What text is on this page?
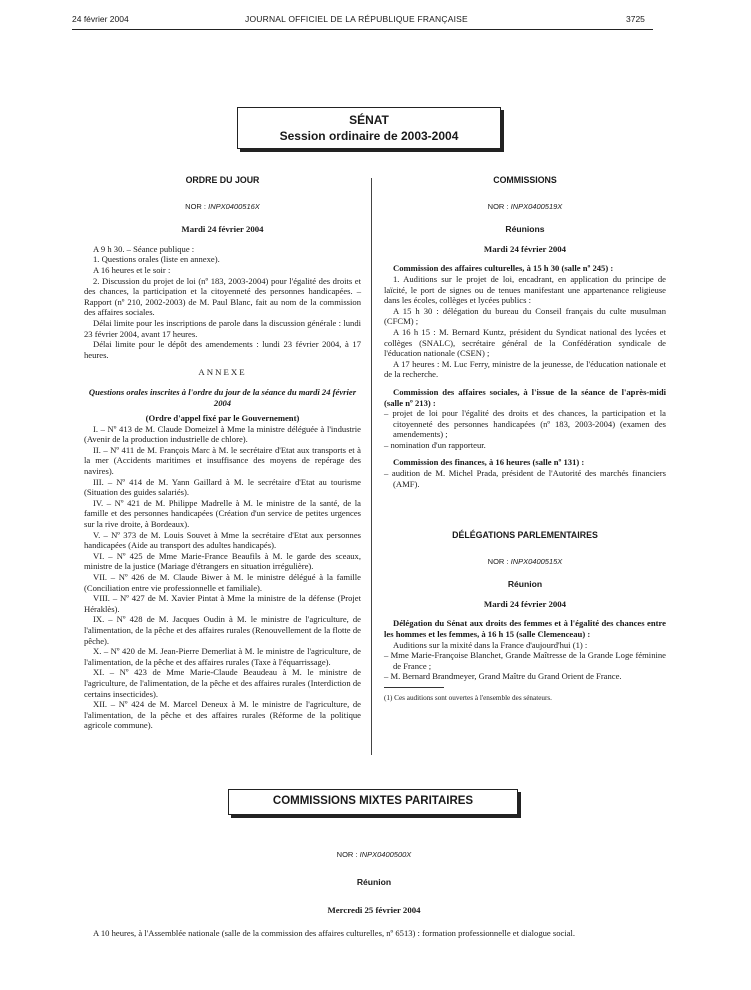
24 février 2004	JOURNAL OFFICIEL DE LA RÉPUBLIQUE FRANÇAISE	3725
SÉNAT
Session ordinaire de 2003-2004
ORDRE DU JOUR
NOR : INPX0400516X
Mardi 24 février 2004

A 9 h 30. – Séance publique :

1. Questions orales (liste en annexe).

A 16 heures et le soir :

2. Discussion du projet de loi (nº 183, 2003-2004) pour l'égalité des droits et des chances, la participation et la citoyenneté des personnes handicapées. – Rapport (nº 210, 2002-2003) de M. Paul Blanc, fait au nom de la commission des affaires sociales.

Délai limite pour les inscriptions de parole dans la discussion générale : lundi 23 février 2004, avant 17 heures.

Délai limite pour le dépôt des amendements : lundi 23 février 2004, à 17 heures.

ANNEXE

Questions orales inscrites à l'ordre du jour de la séance du mardi 24 février 2004

(Ordre d'appel fixé par le Gouvernement)

I. – Nº 413 de M. Claude Domeizel à Mme la ministre déléguée à l'industrie (Avenir de la production industrielle de chlore).

II. – Nº 411 de M. François Marc à M. le secrétaire d'Etat aux transports et à la mer (Accidents maritimes et insuffisance des moyens de repérage des navires).

III. – Nº 414 de M. Yann Gaillard à M. le secrétaire d'Etat au tourisme (Situation des guides salariés).

IV. – Nº 421 de M. Philippe Madrelle à M. le ministre de la santé, de la famille et des personnes handicapées (Création d'un service de petites urgences sur la rive droite, à Bordeaux).

V. – Nº 373 de M. Louis Souvet à Mme la secrétaire d'Etat aux personnes handicapées (Aide au transport des adultes handicapés).

VI. – Nº 425 de Mme Marie-France Beaufils à M. le garde des sceaux, ministre de la justice (Mariage d'étrangers en situation irrégulière).

VII. – Nº 426 de M. Claude Biwer à M. le ministre délégué à la famille (Conciliation entre vie professionnelle et familiale).

VIII. – Nº 427 de M. Xavier Pintat à Mme la ministre de la défense (Projet Héraklès).

IX. – Nº 428 de M. Jacques Oudin à M. le ministre de l'agriculture, de l'alimentation, de la pêche et des affaires rurales (Renouvellement de la flotte de pêche).

X. – Nº 420 de M. Jean-Pierre Demerliat à M. le ministre de l'agriculture, de l'alimentation, de la pêche et des affaires rurales (Taxe à l'équarrissage).

XI. – Nº 423 de Mme Marie-Claude Beaudeau à M. le ministre de l'agriculture, de l'alimentation, de la pêche et des affaires rurales (Interdiction de certains insecticides).

XII. – Nº 424 de M. Marcel Deneux à M. le ministre de l'agriculture, de l'alimentation, de la pêche et des affaires rurales (Réforme de la politique agricole commune).

COMMISSIONS
NOR : INPX0400519X
Réunions
Mardi 24 février 2004

Commission des affaires culturelles, à 15 h 30 (salle nº 245) :

1. Auditions sur le projet de loi, encadrant, en application du principe de laïcité, le port de signes ou de tenues manifestant une appartenance religieuse dans les écoles, collèges et lycées publics :

A 15 h 30 : délégation du bureau du Conseil français du culte musulman (CFCM) ;

A 16 h 15 : M. Bernard Kuntz, président du Syndicat national des lycées et collèges (SNALC), secrétaire général de la Confédération syndicale de l'éducation nationale (CSEN) ;

A 17 heures : M. Luc Ferry, ministre de la jeunesse, de l'éducation nationale et de la recherche.

Commission des affaires sociales, à l'issue de la séance de l'après-midi (salle nº 213) :

– projet de loi pour l'égalité des droits et des chances, la participation et la citoyenneté des personnes handicapées (nº 183, 2003-2004) (examen des amendements) ;

– nomination d'un rapporteur.

Commission des finances, à 16 heures (salle nº 131) :

– audition de M. Michel Prada, président de l'Autorité des marchés financiers (AMF).

DÉLÉGATIONS PARLEMENTAIRES
NOR : INPX0400515X
Réunion
Mardi 24 février 2004

Délégation du Sénat aux droits des femmes et à l'égalité des chances entre les hommes et les femmes, à 16 h 15 (salle Clemenceau) :

Auditions sur la mixité dans la France d'aujourd'hui (1) :

– Mme Marie-Françoise Blanchet, Grande Maîtresse de la Grande Loge féminine de France ;

– M. Bernard Brandmeyer, Grand Maître du Grand Orient de France.

(1) Ces auditions sont ouvertes à l'ensemble des sénateurs.

COMMISSIONS MIXTES PARITAIRES
NOR : INPX0400500X
Réunion
Mercredi 25 février 2004

A 10 heures, à l'Assemblée nationale (salle de la commission des affaires culturelles, nº 6513) : formation professionnelle et dialogue social.
